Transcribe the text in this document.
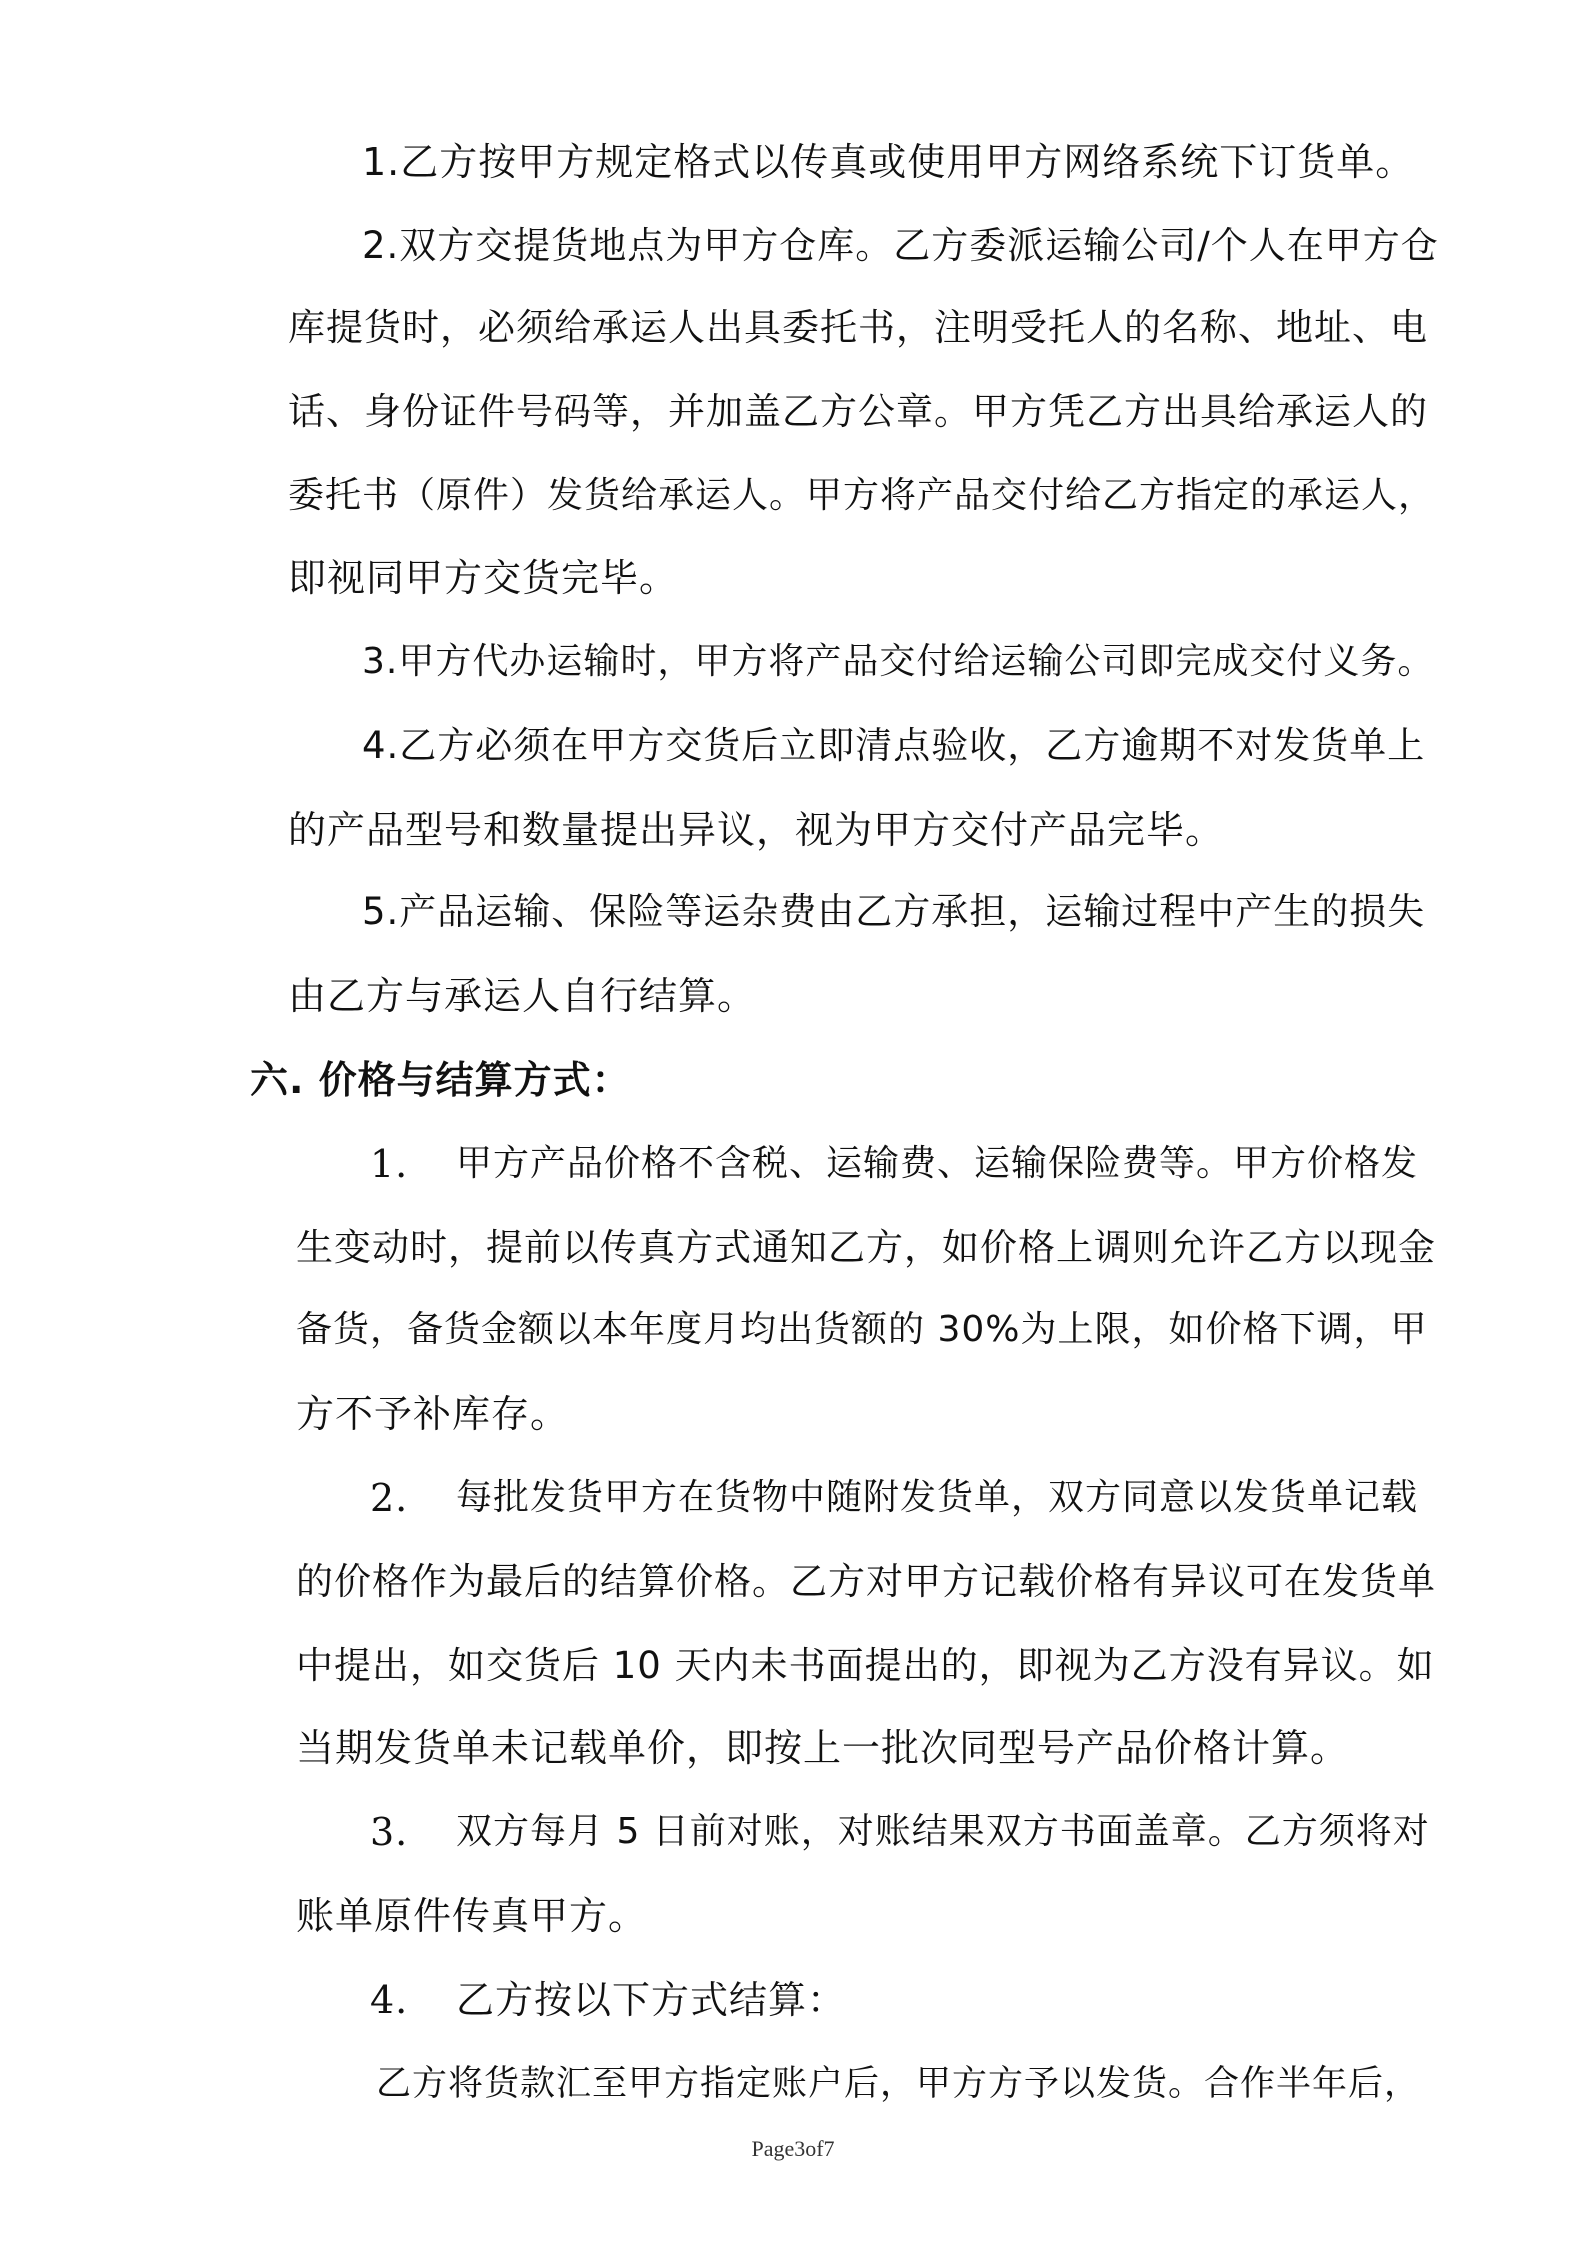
1.乙方按甲方规定格式以传真或使用甲方网络系统下订货单。
2.双方交提货地点为甲方仓库。乙方委派运输公司/个人在甲方仓
库提货时，必须给承运人出具委托书，注明受托人的名称、地址、电
话、身份证件号码等，并加盖乙方公章。甲方凭乙方出具给承运人的
委托书（原件）发货给承运人。甲方将产品交付给乙方指定的承运人，
即视同甲方交货完毕。
3.甲方代办运输时，甲方将产品交付给运输公司即完成交付义务。
4.乙方必须在甲方交货后立即清点验收，乙方逾期不对发货单上
的产品型号和数量提出异议，视为甲方交付产品完毕。
5.产品运输、保险等运杂费由乙方承担，运输过程中产生的损失
由乙方与承运人自行结算。
六. 价格与结算方式：
1. 甲方产品价格不含税、运输费、运输保险费等。甲方价格发
生变动时，提前以传真方式通知乙方，如价格上调则允许乙方以现金
备货，备货金额以本年度月均出货额的 30%为上限，如价格下调，甲
方不予补库存。
2. 每批发货甲方在货物中随附发货单，双方同意以发货单记载
的价格作为最后的结算价格。乙方对甲方记载价格有异议可在发货单
中提出，如交货后 10 天内未书面提出的，即视为乙方没有异议。如
当期发货单未记载单价，即按上一批次同型号产品价格计算。
3. 双方每月 5 日前对账，对账结果双方书面盖章。乙方须将对
账单原件传真甲方。
4. 乙方按以下方式结算：
乙方将货款汇至甲方指定账户后，甲方方予以发货。合作半年后，
Page3of7
